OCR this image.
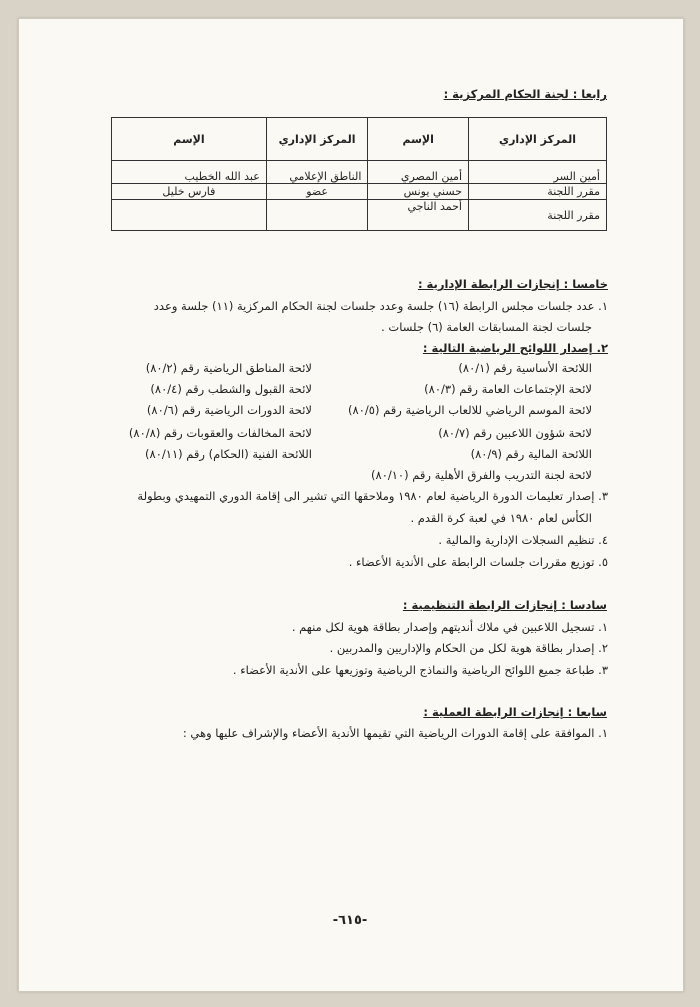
رابعا : لجنة الحكام المركزية :
المركز الإداري	الإسم	المركز الإداري	الإسم
أمين السر	أمين المصري	الناطق الإعلامي	عبد الله الخطيب
مقرر اللجنة	حسني يونس	عضو	فارس خليل
مقرر اللجنة	أحمد الناجي		
خامسا : إنجازات الرابطة الإدارية :
١. عدد جلسات مجلس الرابطة (١٦) جلسة وعدد جلسات لجنة الحكام المركزية (١١) جلسة وعدد
جلسات لجنة المسابقات العامة (٦) جلسات .
٢. إصدار اللوائح الرياضية التالية :
اللائحة الأساسية رقم (٨٠/١)
لائحة الإجتماعات العامة رقم (٨٠/٣)
لائحة الموسم الرياضي للالعاب الرياضية رقم (٨٠/٥)
لائحة شؤون اللاعبين رقم (٨٠/٧)
اللائحة المالية رقم (٨٠/٩)
لائحة لجنة التدريب والفرق الأهلية رقم (٨٠/١٠)
لائحة المناطق الرياضية رقم (٨٠/٢)
لائحة القبول والشطب رقم (٨٠/٤)
لائحة الدورات الرياضية رقم (٨٠/٦)
لائحة المخالفات والعقوبات رقم (٨٠/٨)
اللائحة الفنية (الحكام) رقم (٨٠/١١)
٣. إصدار تعليمات الدورة الرياضية لعام ١٩٨٠ وملاحقها التي تشير الى إقامة الدوري التمهيدي وبطولة
الكأس لعام ١٩٨٠ في لعبة كرة القدم .
٤. تنظيم السجلات الإدارية والمالية .
٥. توزيع مقررات جلسات الرابطة على الأندية الأعضاء .
سادسا : إنجازات الرابطة التنظيمية :
١. تسجيل اللاعبين في ملاك أنديتهم وإصدار بطاقة هوية لكل منهم .
٢. إصدار بطاقة هوية لكل من الحكام والإداريين والمدربين .
٣. طباعة جميع اللوائح الرياضية والنماذج الرياضية وتوزيعها على الأندية الأعضاء .
سابعا : إنجازات الرابطة العملية :
١. الموافقة على إقامة الدورات الرياضية التي تقيمها الأندية الأعضاء والإشراف عليها وهي :
-٦١٥-
